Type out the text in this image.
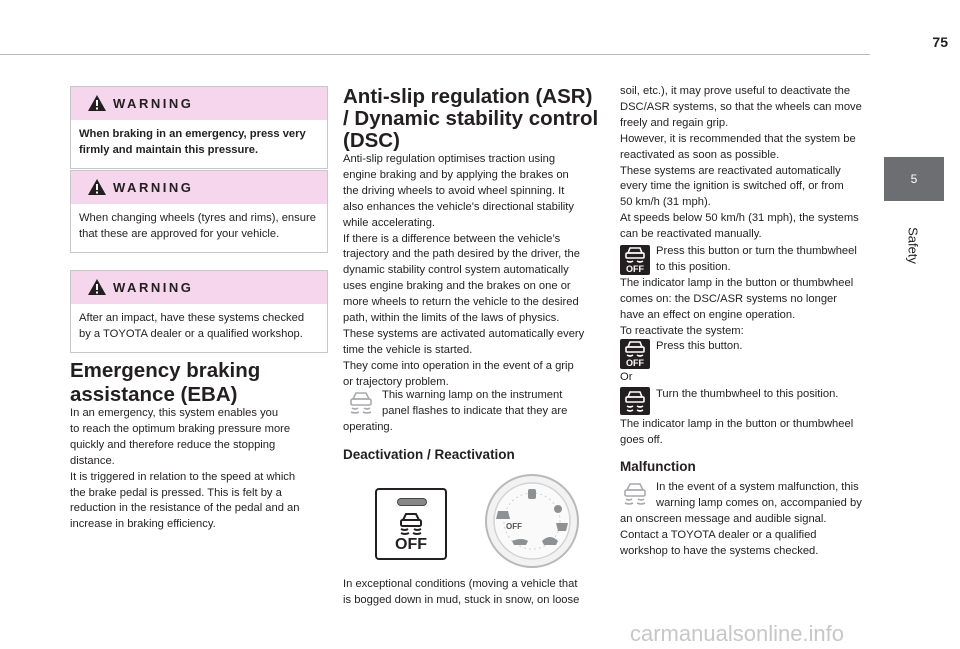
75
5
Safety
WARNING
When braking in an emergency, press very firmly and maintain this pressure.
WARNING
When changing wheels (tyres and rims), ensure that these are approved for your vehicle.
WARNING
After an impact, have these systems checked by a TOYOTA dealer or a qualified workshop.
Emergency braking
assistance (EBA)
In an emergency, this system enables you
to reach the optimum braking pressure more
quickly and therefore reduce the stopping
distance.
It is triggered in relation to the speed at which
the brake pedal is pressed. This is felt by a
reduction in the resistance of the pedal and an
increase in braking efficiency.
Anti-slip regulation (ASR)
/ Dynamic stability control
(DSC)
Anti-slip regulation optimises traction using
engine braking and by applying the brakes on
the driving wheels to avoid wheel spinning. It
also enhances the vehicle's directional stability
while accelerating.
If there is a difference between the vehicle’s
trajectory and the path desired by the driver, the
dynamic stability control system automatically
uses engine braking and the brakes on one or
more wheels to return the vehicle to the desired
path, within the limits of the laws of physics.
These systems are activated automatically every
time the vehicle is started.
They come into operation in the event of a grip
or trajectory problem.
This warning lamp on the instrument
panel flashes to indicate that they are
operating.
Deactivation / Reactivation
OFF
OFF
In exceptional conditions (moving a vehicle that
is bogged down in mud, stuck in snow, on loose
soil, etc.), it may prove useful to deactivate the
DSC/ASR systems, so that the wheels can move
freely and regain grip.
However, it is recommended that the system be
reactivated as soon as possible.
These systems are reactivated automatically
every time the ignition is switched off, or from
50 km/h (31 mph).
At speeds below 50 km/h (31 mph), the systems
can be reactivated manually.
OFF
Press this button or turn the thumbwheel
to this position.
The indicator lamp in the button or thumbwheel
comes on: the DSC/ASR systems no longer
have an effect on engine operation.
To reactivate the system:
OFF
Press this button.
Or
Turn the thumbwheel to this position.
The indicator lamp in the button or thumbwheel
goes off.
Malfunction
In the event of a system malfunction, this
warning lamp comes on, accompanied by
an onscreen message and audible signal.
Contact a TOYOTA dealer or a qualified
workshop to have the systems checked.
carmanualsonline.info
